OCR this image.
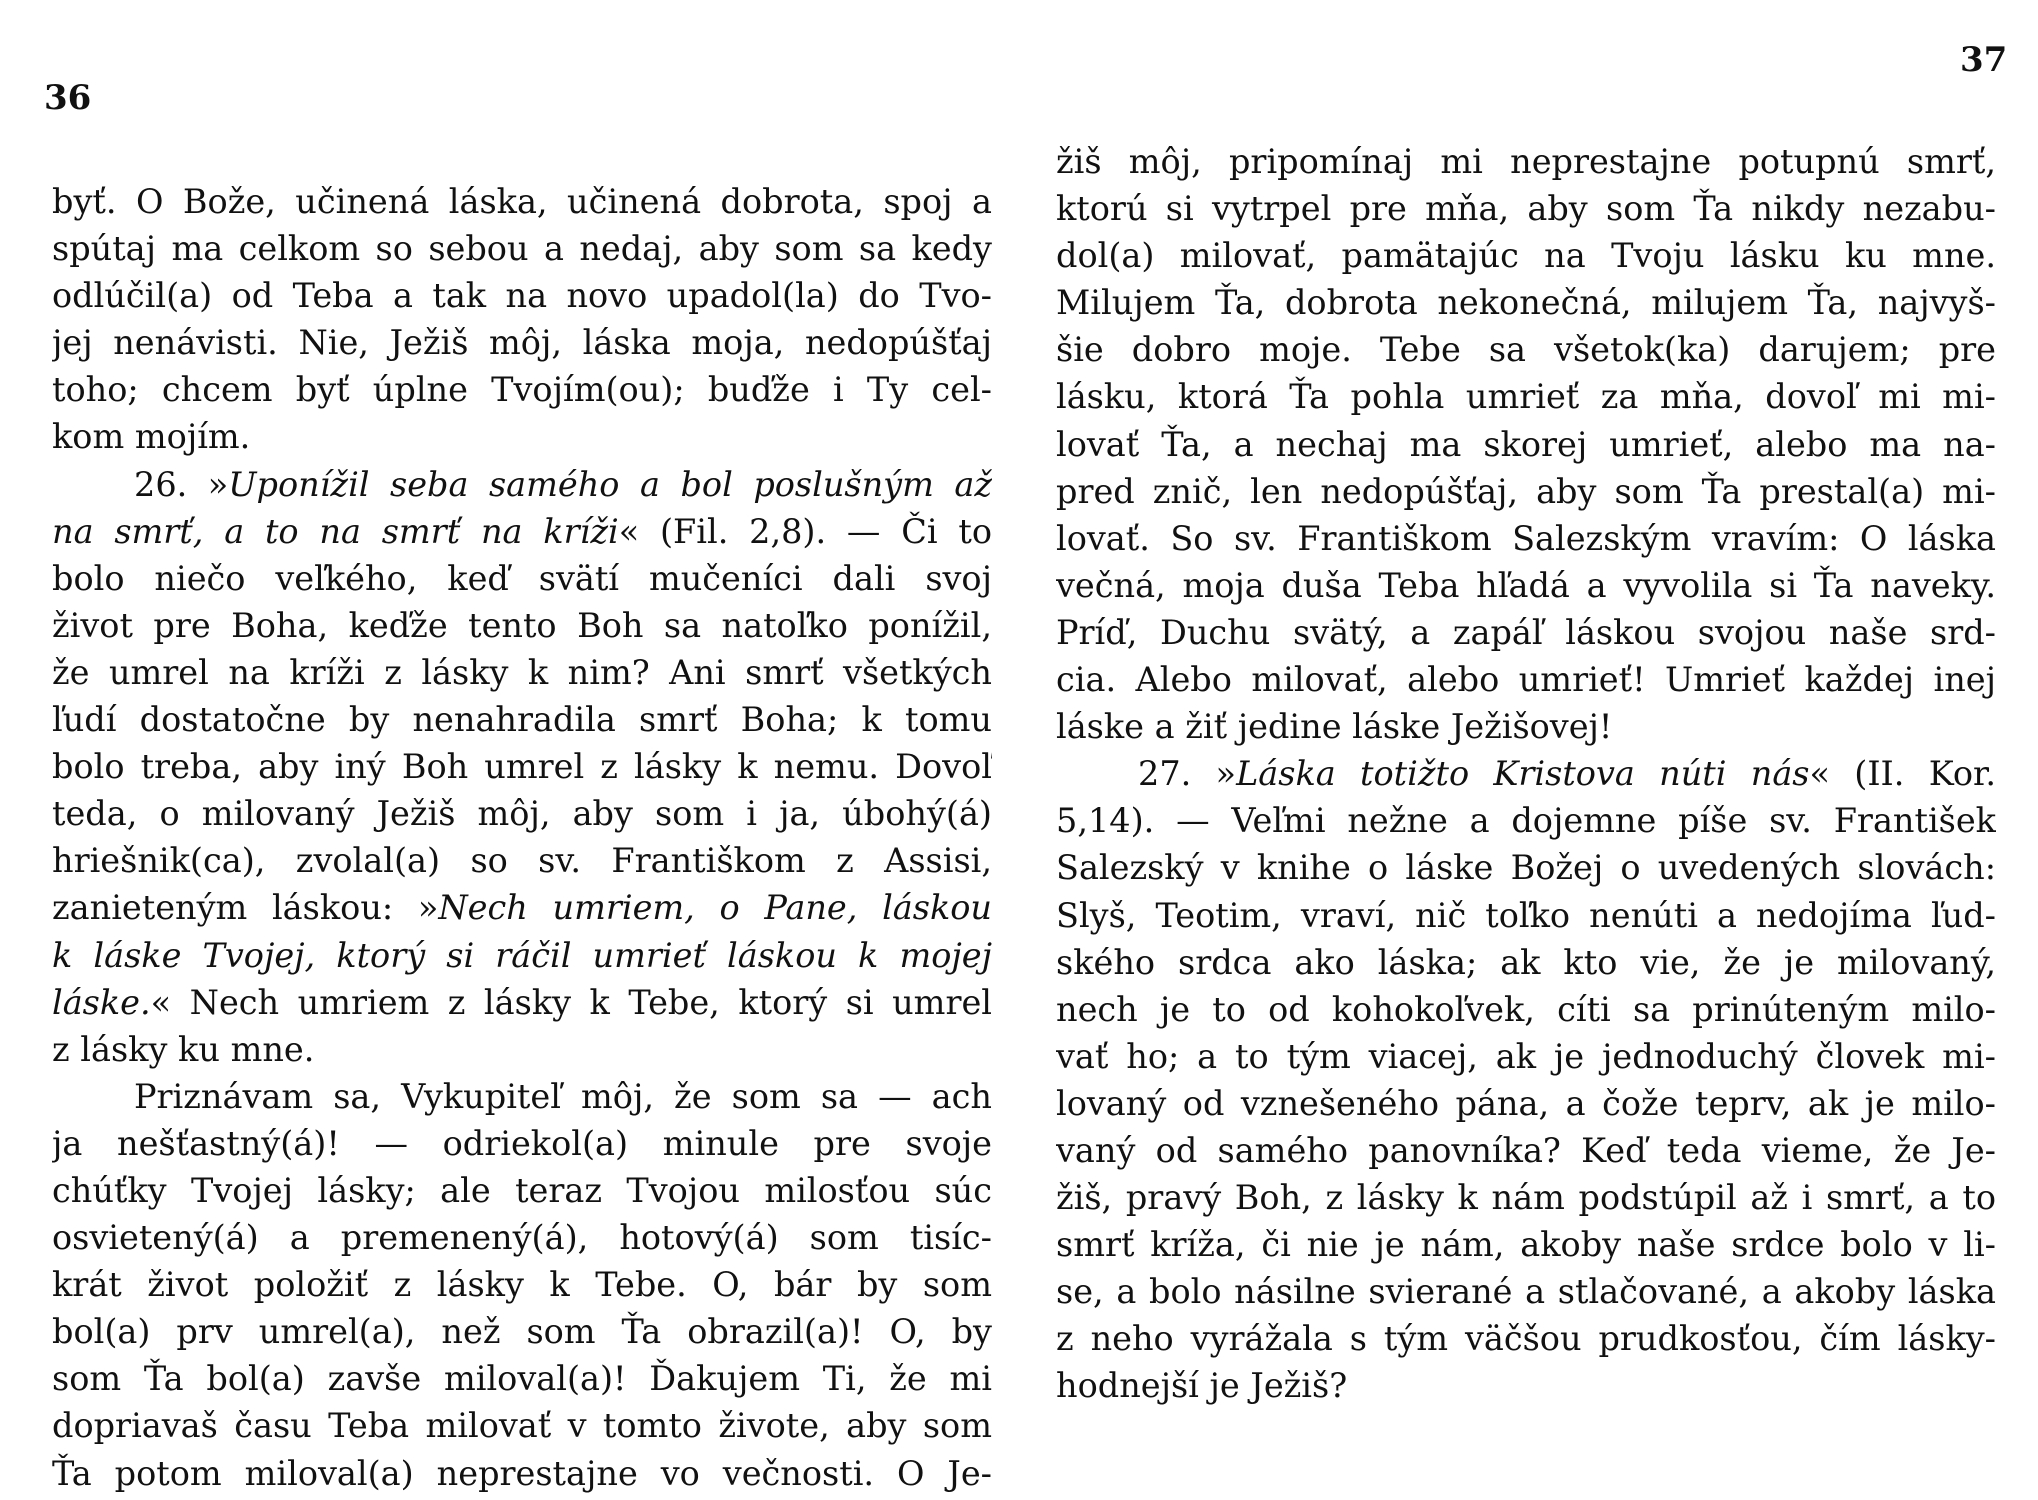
36
37
byť. O Bože, učinená láska, učinená dobrota, spoj a
spútaj ma celkom so sebou a nedaj, aby som sa kedy
odlúčil(a) od Teba a tak na novo upadol(la) do Tvo-
jej nenávisti. Nie, Ježiš môj, láska moja, nedopúšťaj
toho; chcem byť úplne Tvojím(ou); buďže i Ty cel-
kom mojím.
26. »Uponížil seba samého a bol poslušným až
na smrť, a to na smrť na kríži« (Fil. 2,8). — Či to
bolo niečo veľkého, keď svätí mučeníci dali svoj
život pre Boha, keďže tento Boh sa natoľko ponížil,
že umrel na kríži z lásky k nim? Ani smrť všetkých
ľudí dostatočne by nenahradila smrť Boha; k tomu
bolo treba, aby iný Boh umrel z lásky k nemu. Dovoľ
teda, o milovaný Ježiš môj, aby som i ja, úbohý(á)
hriešnik(ca), zvolal(a) so sv. Františkom z Assisi,
zanieteným láskou: »Nech umriem, o Pane, láskou
k láske Tvojej, ktorý si ráčil umrieť láskou k mojej
láske.« Nech umriem z lásky k Tebe, ktorý si umrel
z lásky ku mne.
Priznávam sa, Vykupiteľ môj, že som sa — ach
ja nešťastný(á)! — odriekol(a) minule pre svoje
chúťky Tvojej lásky; ale teraz Tvojou milosťou súc
osvietený(á) a premenený(á), hotový(á) som tisíc-
krát život položiť z lásky k Tebe. O, bár by som
bol(a) prv umrel(a), než som Ťa obrazil(a)! O, by
som Ťa bol(a) zavše miloval(a)! Ďakujem Ti, že mi
dopriavaš času Teba milovať v tomto živote, aby som
Ťa potom miloval(a) neprestajne vo večnosti. O Je-
žiš môj, pripomínaj mi neprestajne potupnú smrť,
ktorú si vytrpel pre mňa, aby som Ťa nikdy nezabu-
dol(a) milovať, pamätajúc na Tvoju lásku ku mne.
Milujem Ťa, dobrota nekonečná, milujem Ťa, najvyš-
šie dobro moje. Tebe sa všetok(ka) darujem; pre
lásku, ktorá Ťa pohla umrieť za mňa, dovoľ mi mi-
lovať Ťa, a nechaj ma skorej umrieť, alebo ma na-
pred znič, len nedopúšťaj, aby som Ťa prestal(a) mi-
lovať. So sv. Františkom Salezským vravím: O láska
večná, moja duša Teba hľadá a vyvolila si Ťa naveky.
Príď, Duchu svätý, a zapáľ láskou svojou naše srd-
cia. Alebo milovať, alebo umrieť! Umrieť každej inej
láske a žiť jedine láske Ježišovej!
27. »Láska totižto Kristova núti nás« (II. Kor.
5,14). — Veľmi nežne a dojemne píše sv. František
Salezský v knihe o láske Božej o uvedených slovách:
Slyš, Teotim, vraví, nič toľko nenúti a nedojíma ľud-
ského srdca ako láska; ak kto vie, že je milovaný,
nech je to od kohokoľvek, cíti sa prinúteným milo-
vať ho; a to tým viacej, ak je jednoduchý človek mi-
lovaný od vznešeného pána, a čože teprv, ak je milo-
vaný od samého panovníka? Keď teda vieme, že Je-
žiš, pravý Boh, z lásky k nám podstúpil až i smrť, a to
smrť kríža, či nie je nám, akoby naše srdce bolo v li-
se, a bolo násilne svierané a stlačované, a akoby láska
z neho vyrážala s tým väčšou prudkosťou, čím lásky-
hodnejší je Ježiš?
